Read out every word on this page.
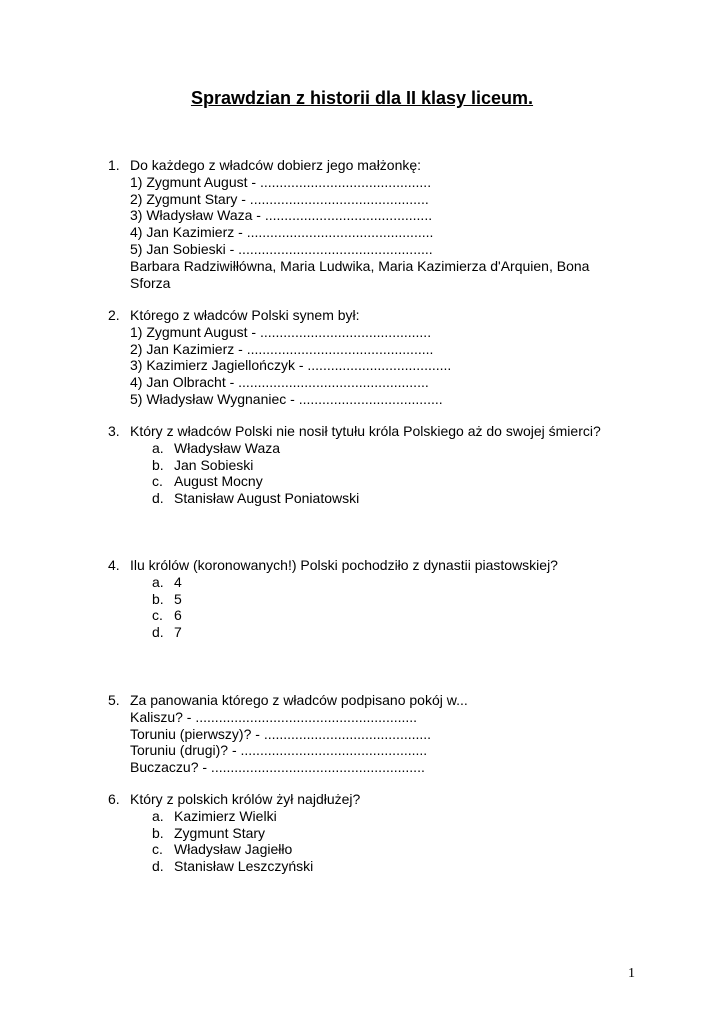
Sprawdzian z historii dla II klasy liceum.
1. Do każdego z władców dobierz jego małżonkę:
1) Zygmunt August - ............................................
2) Zygmunt Stary - ..............................................
3) Władysław Waza - ...........................................
4) Jan Kazimierz - ................................................
5) Jan Sobieski - ..................................................
Barbara Radziwiłłówna, Maria Ludwika, Maria Kazimierza d'Arquien, Bona Sforza
2. Którego z władców Polski synem był:
1) Zygmunt August - ............................................
2) Jan Kazimierz - ................................................
3) Kazimierz Jagiellończyk - .....................................
4) Jan Olbracht - .................................................
5) Władysław Wygnaniec - .....................................
3. Który z władców Polski nie nosił tytułu króla Polskiego aż do swojej śmierci?
a. Władysław Waza
b. Jan Sobieski
c. August Mocny
d. Stanisław August Poniatowski
4. Ilu królów (koronowanych!) Polski pochodziło z dynastii piastowskiej?
a. 4
b. 5
c. 6
d. 7
5. Za panowania którego z władców podpisano pokój w...
Kaliszu? - .........................................................
Toruniu (pierwszy)? - ...........................................
Toruniu (drugi)? - ................................................
Buczaczu? - .......................................................
6. Który z polskich królów żył najdłużej?
a. Kazimierz Wielki
b. Zygmunt Stary
c. Władysław Jagiełło
d. Stanisław Leszczyński
1
